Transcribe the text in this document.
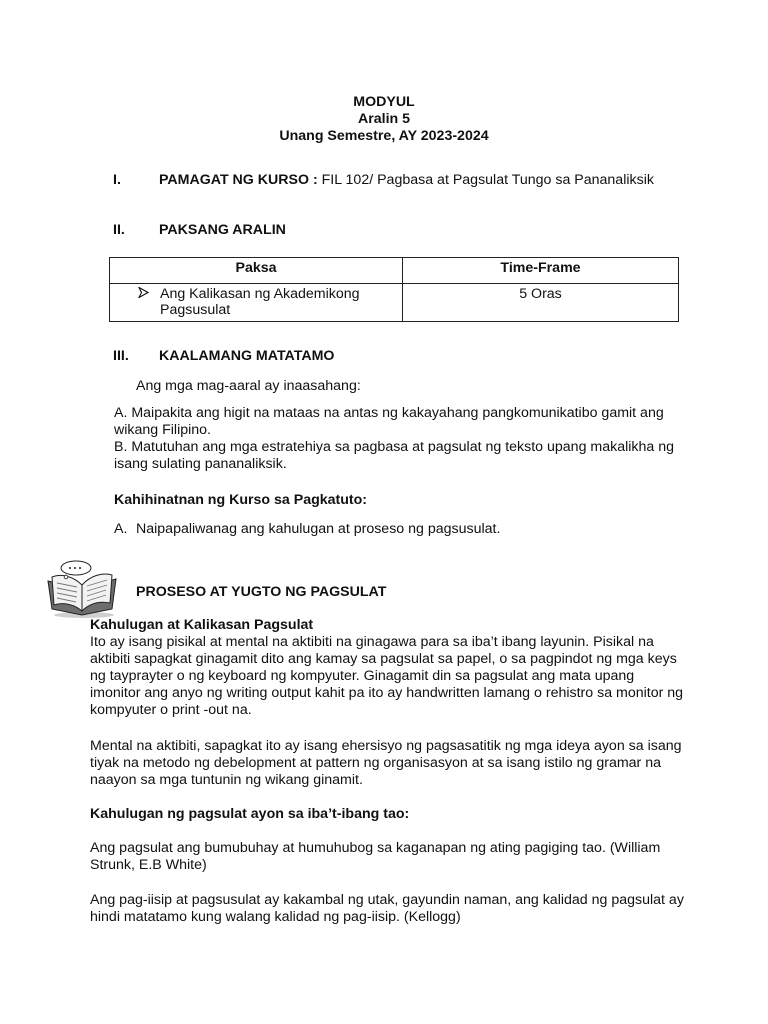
MODYUL
Aralin 5
Unang Semestre, AY 2023-2024
I.	PAMAGAT NG KURSO : FIL 102/ Pagbasa at Pagsulat Tungo sa Pananaliksik
II. PAKSANG ARALIN
Paksa	Time-Frame

Ang Kalikasan ng Akademikong Pagsusulat	5 Oras
III. KAALAMANG MATATAMO
Ang mga mag-aaral ay inaasahang:
A. Maipakita ang higit na mataas na antas ng kakayahang pangkomunikatibo gamit ang wikang Filipino.
B. Matutuhan ang mga estratehiya sa pagbasa at pagsulat ng teksto upang makalikha ng isang sulating pananaliksik.
Kahihinatnan ng Kurso sa Pagkatuto:
A. Naipapaliwanag ang kahulugan at proseso ng pagsusulat.
PROSESO AT YUGTO NG PAGSULAT
Kahulugan at Kalikasan Pagsulat
Ito ay isang pisikal at mental na aktibiti na ginagawa para sa iba’t ibang layunin. Pisikal na aktibiti sapagkat ginagamit dito ang kamay sa pagsulat sa papel, o sa pagpindot ng mga keys ng tayprayter o ng keyboard ng kompyuter. Ginagamit din sa pagsulat ang mata upang imonitor ang anyo ng writing output kahit pa ito ay handwritten lamang o rehistro sa monitor ng kompyuter o print -out na.
Mental na aktibiti, sapagkat ito ay isang ehersisyo ng pagsasatitik ng mga ideya ayon sa isang tiyak na metodo ng debelopment at pattern ng organisasyon at sa isang istilo ng gramar na naayon sa mga tuntunin ng wikang ginamit.
Kahulugan ng pagsulat ayon sa iba’t-ibang tao:
Ang pagsulat ang bumubuhay at humuhubog sa kaganapan ng ating pagiging tao. (William Strunk, E.B White)
Ang pag-iisip at pagsusulat ay kakambal ng utak, gayundin naman, ang kalidad ng pagsulat ay hindi matatamo kung walang kalidad ng pag-iisip. (Kellogg)
